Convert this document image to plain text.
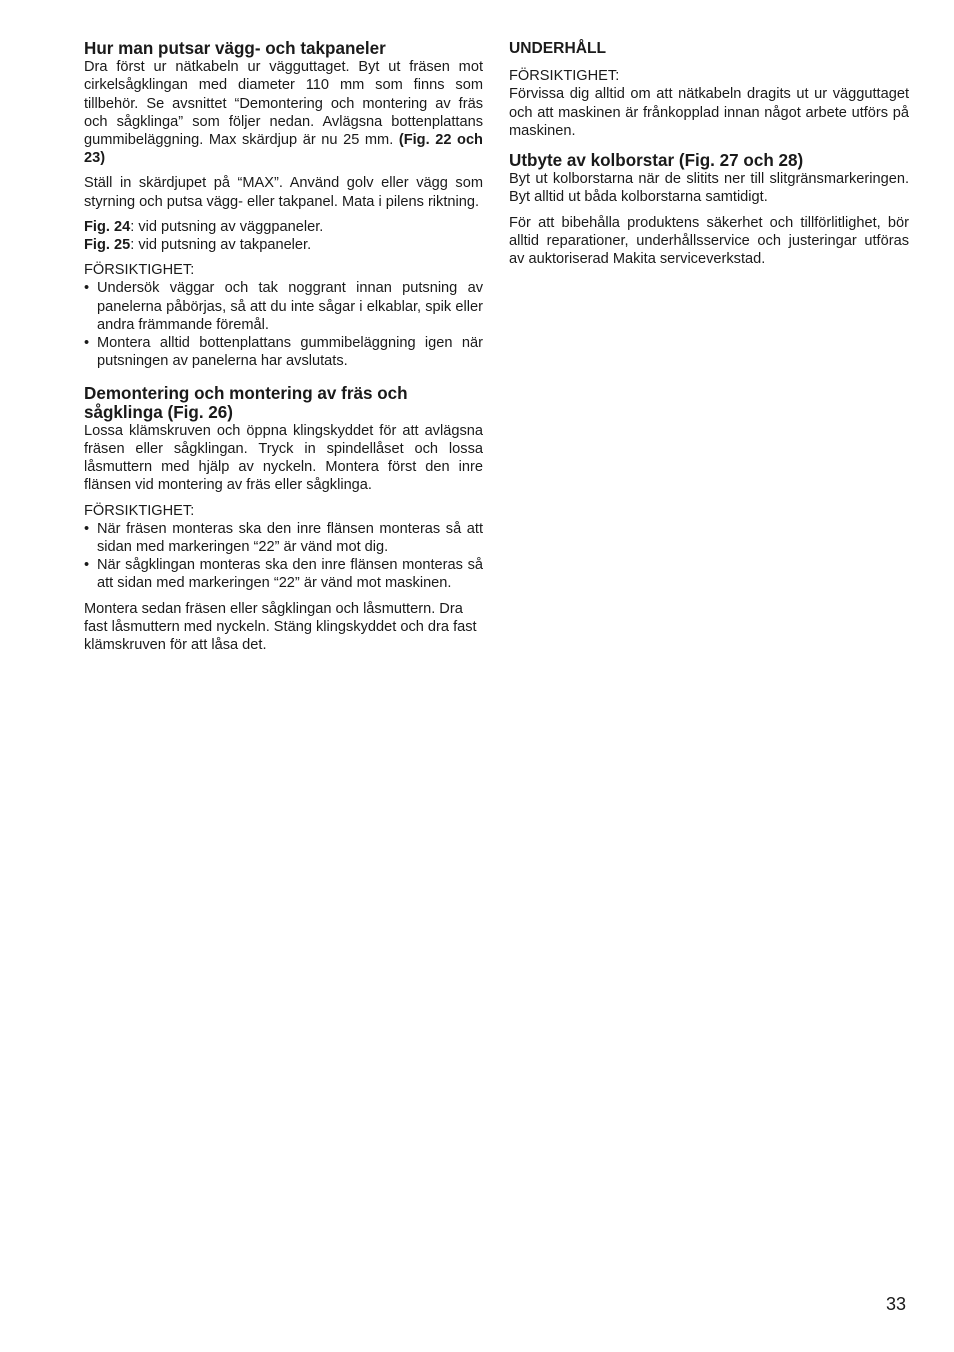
Hur man putsar vägg- och takpaneler

Dra först ur nätkabeln ur vägguttaget. Byt ut fräsen mot cirkelsågklingan med diameter 110 mm som finns som tillbehör. Se avsnittet “Demontering och montering av fräs och sågklinga” som följer nedan. Avlägsna bottenplattans gummibeläggning. Max skärdjup är nu 25 mm. (Fig. 22 och 23)

Ställ in skärdjupet på “MAX”. Använd golv eller vägg som styrning och putsa vägg- eller takpanel. Mata i pilens riktning.

Fig. 24: vid putsning av väggpaneler.

Fig. 25: vid putsning av takpaneler.

FÖRSIKTIGHET:
• Undersök väggar och tak noggrant innan putsning av panelerna påbörjas, så att du inte sågar i elkablar, spik eller andra främmande föremål.
• Montera alltid bottenplattans gummibeläggning igen när putsningen av panelerna har avslutats.
Demontering och montering av fräs och sågklinga (Fig. 26)

Lossa klämskruven och öppna klingskyddet för att avlägsna fräsen eller sågklingan. Tryck in spindellåset och lossa låsmuttern med hjälp av nyckeln. Montera först den inre flänsen vid montering av fräs eller sågklinga.

FÖRSIKTIGHET:
• När fräsen monteras ska den inre flänsen monteras så att sidan med markeringen “22” är vänd mot dig.
• När sågklingan monteras ska den inre flänsen monteras så att sidan med markeringen “22” är vänd mot maskinen.

Montera sedan fräsen eller sågklingan och låsmuttern. Dra fast låsmuttern med nyckeln. Stäng klingskyddet och dra fast klämskruven för att låsa det.

UNDERHÅLL
FÖRSIKTIGHET:

Förvissa dig alltid om att nätkabeln dragits ut ur vägguttaget och att maskinen är frånkopplad innan något arbete utförs på maskinen.

Utbyte av kolborstar (Fig. 27 och 28)

Byt ut kolborstarna när de slitits ner till slitgränsmarkeringen. Byt alltid ut båda kolborstarna samtidigt.

För att bibehålla produktens säkerhet och tillförlitlighet, bör alltid reparationer, underhållsservice och justeringar utföras av auktoriserad Makita serviceverkstad.

33
